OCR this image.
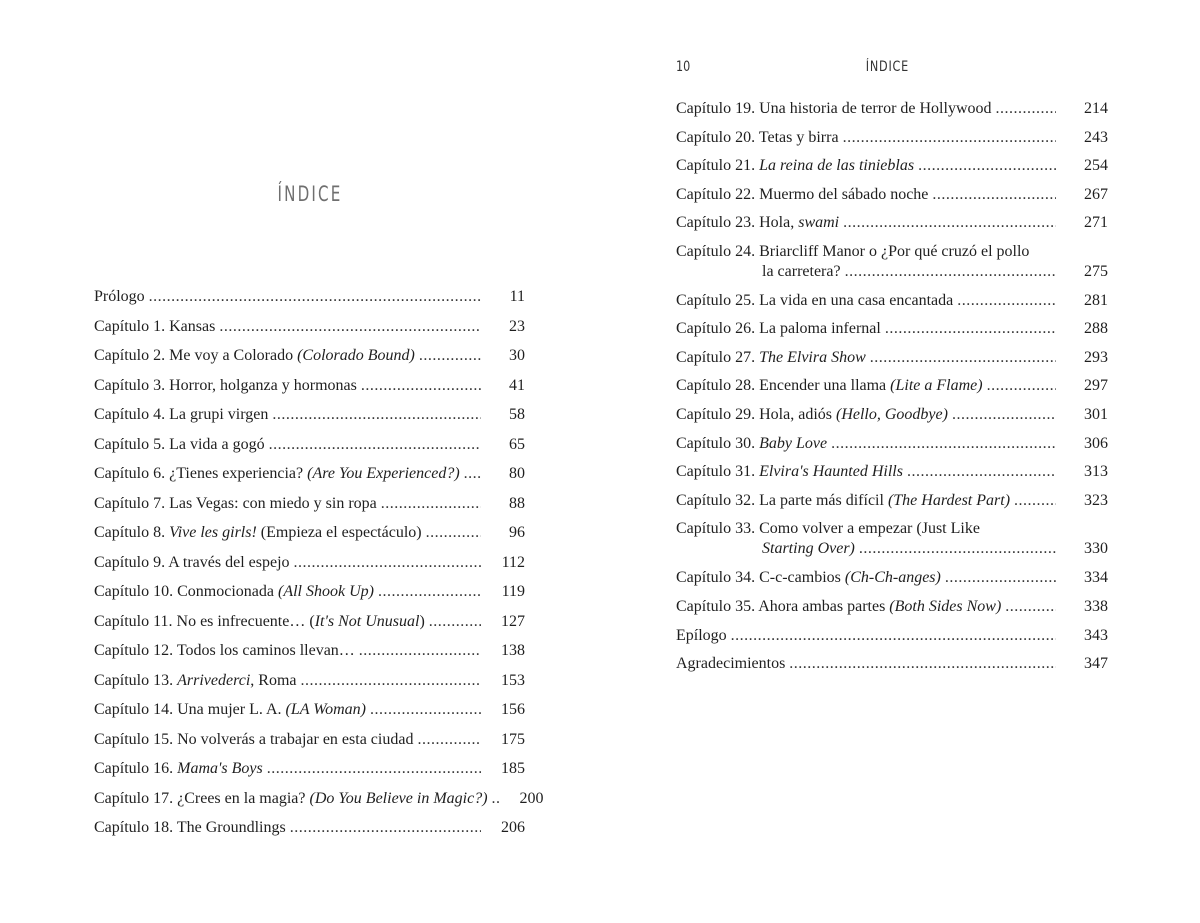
ÍNDICE
Prólogo .....	11
Capítulo 1. Kansas .....	23
Capítulo 2. Me voy a Colorado (Colorado Bound) .....	30
Capítulo 3. Horror, holganza y hormonas .....	41
Capítulo 4. La grupi virgen .....	58
Capítulo 5. La vida a gogó .....	65
Capítulo 6. ¿Tienes experiencia? (Are You Experienced?) .....	80
Capítulo 7. Las Vegas: con miedo y sin ropa .....	88
Capítulo 8. Vive les girls! (Empieza el espectáculo) .....	96
Capítulo 9. A través del espejo .....	112
Capítulo 10. Conmocionada (All Shook Up) .....	119
Capítulo 11. No es infrecuente… (It's Not Unusual) .....	127
Capítulo 12. Todos los caminos llevan… .....	138
Capítulo 13. Arrivederci, Roma .....	153
Capítulo 14. Una mujer L. A. (LA Woman) .....	156
Capítulo 15. No volverás a trabajar en esta ciudad .....	175
Capítulo 16. Mama's Boys .....	185
Capítulo 17. ¿Crees en la magia? (Do You Believe in Magic?) .....	200
Capítulo 18. The Groundlings .....	206
10	ÍNDICE
Capítulo 19. Una historia de terror de Hollywood .....	214
Capítulo 20. Tetas y birra .....	243
Capítulo 21. La reina de las tinieblas .....	254
Capítulo 22. Muermo del sábado noche .....	267
Capítulo 23. Hola, swami .....	271
Capítulo 24. Briarcliff Manor o ¿Por qué cruzó el pollo
la carretera? .....	275
Capítulo 25. La vida en una casa encantada .....	281
Capítulo 26. La paloma infernal .....	288
Capítulo 27. The Elvira Show .....	293
Capítulo 28. Encender una llama (Lite a Flame) .....	297
Capítulo 29. Hola, adiós (Hello, Goodbye) .....	301
Capítulo 30. Baby Love .....	306
Capítulo 31. Elvira's Haunted Hills .....	313
Capítulo 32. La parte más difícil (The Hardest Part) .....	323
Capítulo 33. Como volver a empezar (Just Like
Starting Over) .....	330
Capítulo 34. C-c-cambios (Ch-Ch-anges) .....	334
Capítulo 35. Ahora ambas partes (Both Sides Now) .....	338
Epílogo .....	343
Agradecimientos .....	347
